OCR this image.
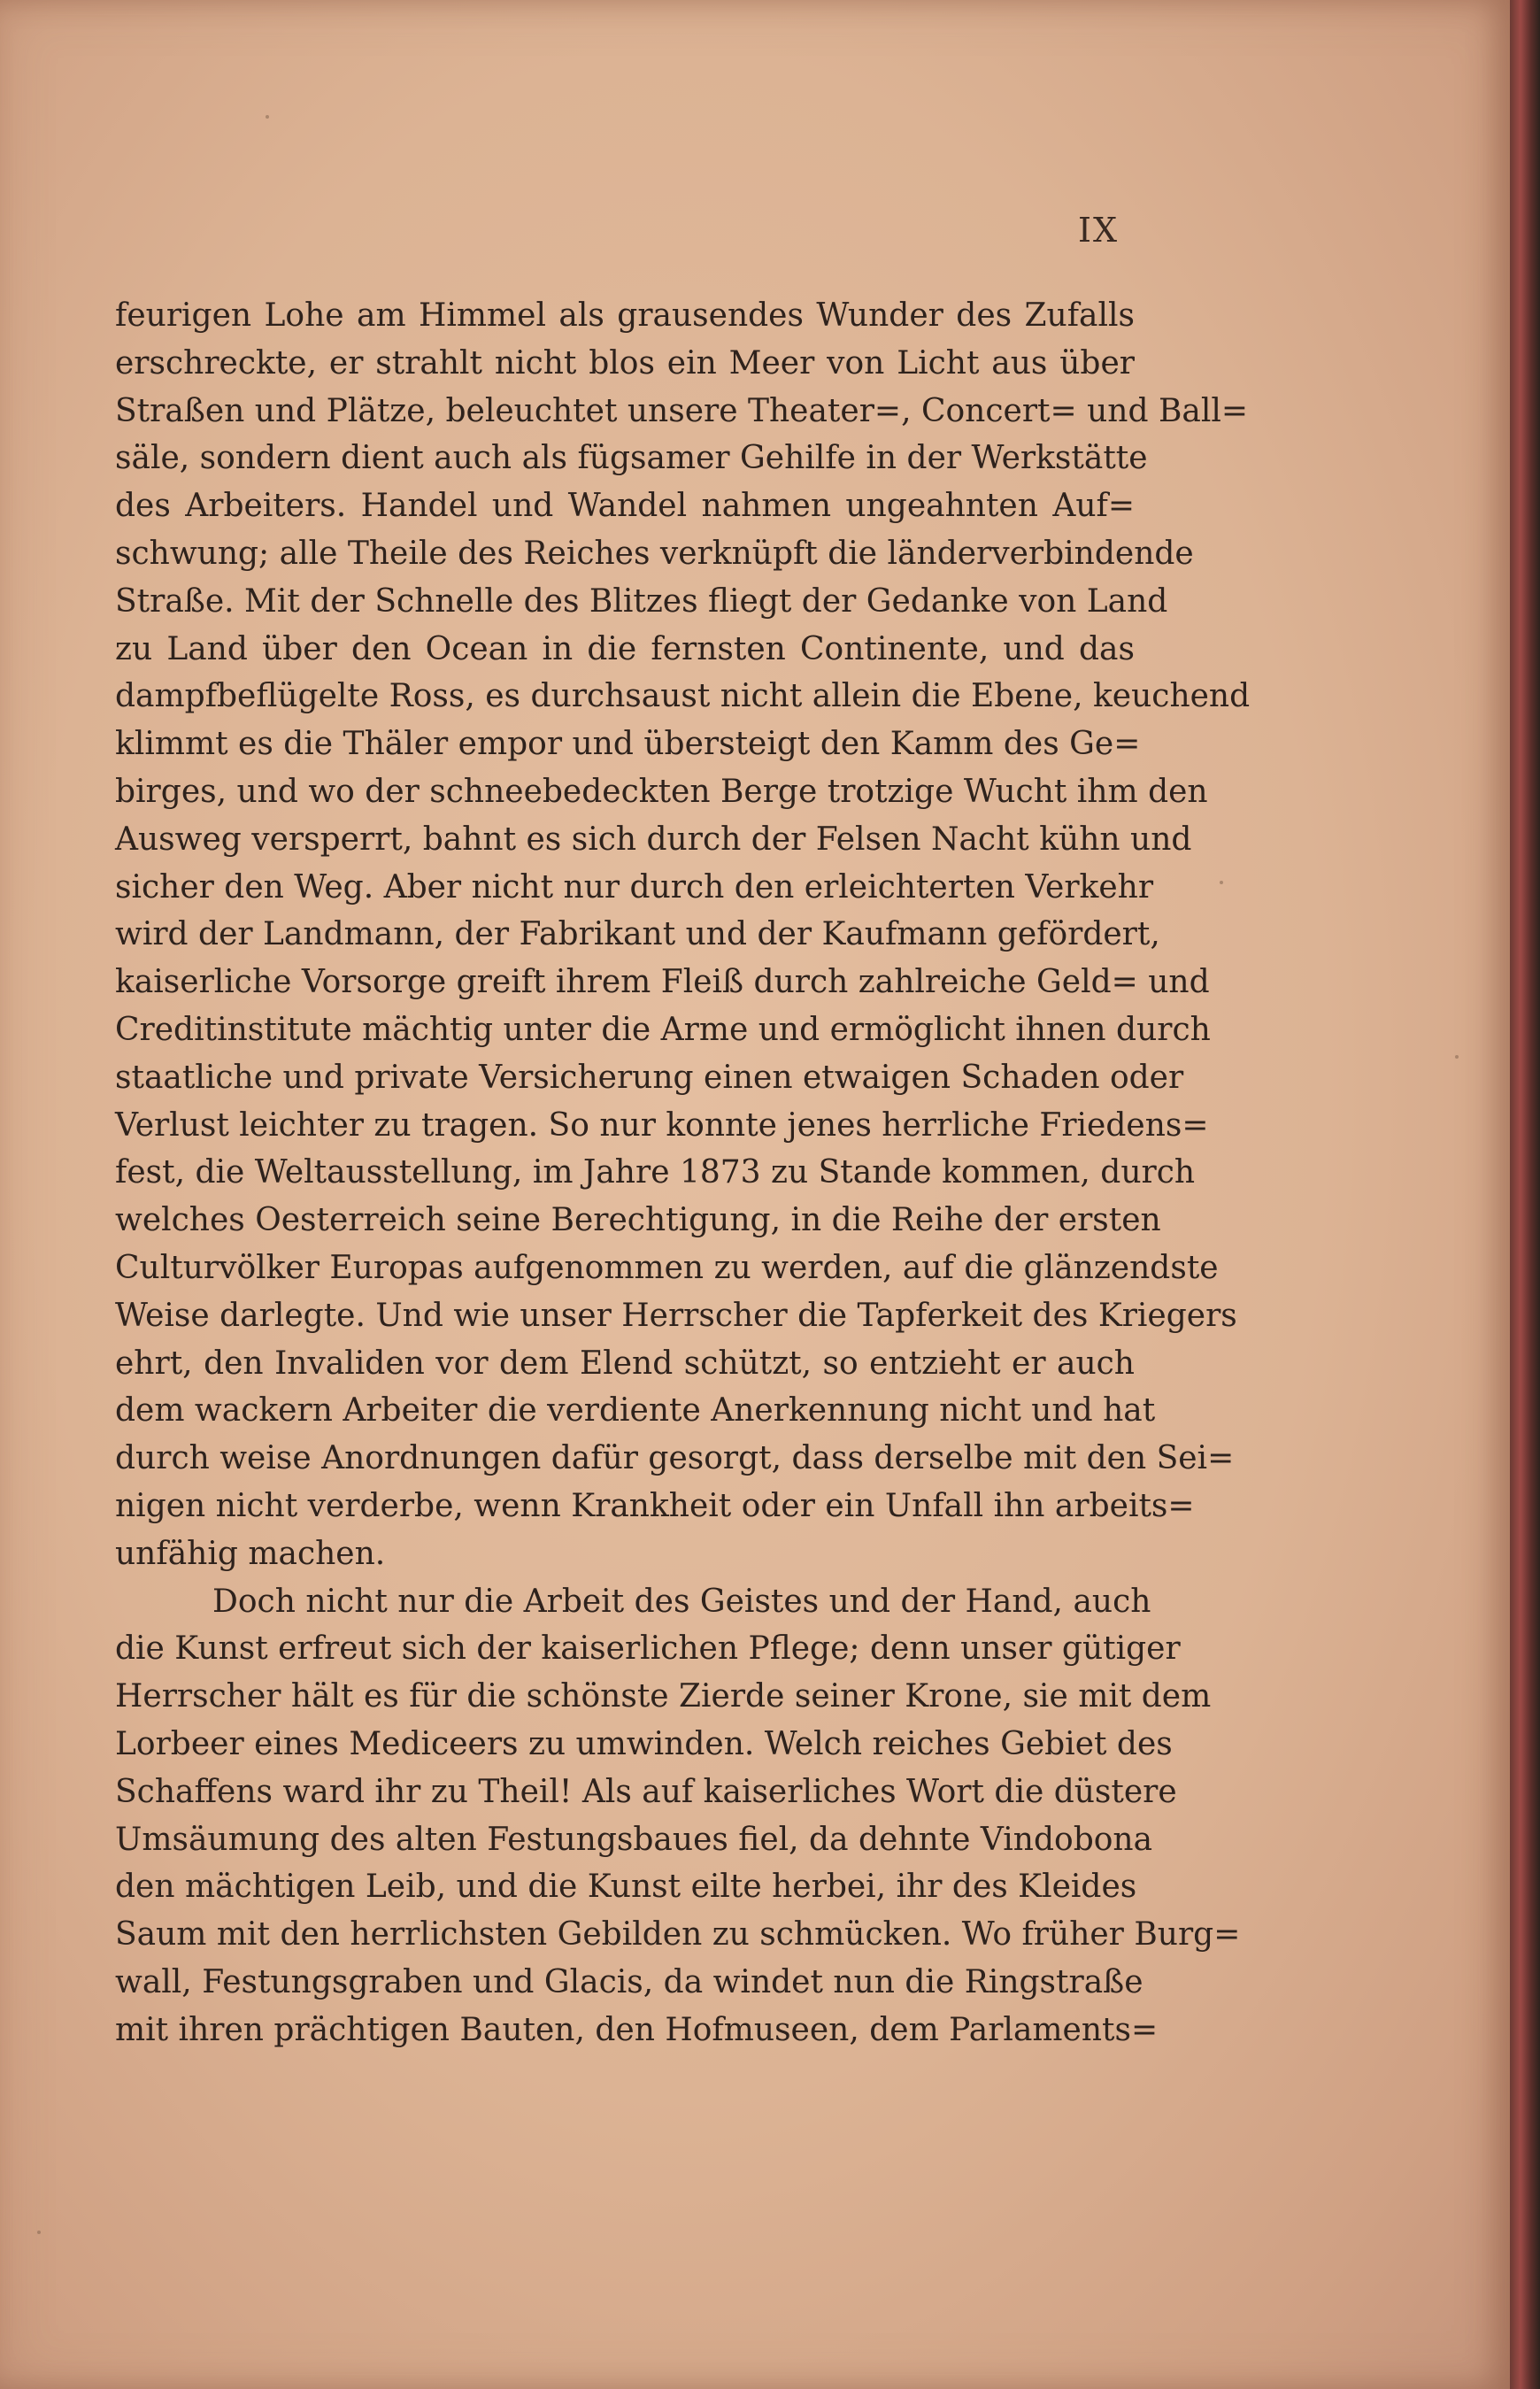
IX
feurigen Lohe am Himmel als grausendes Wunder des Zufalls
erschreckte, er strahlt nicht blos ein Meer von Licht aus über
Straßen und Plätze, beleuchtet unsere Theater=, Concert= und Ball=
säle, sondern dient auch als fügsamer Gehilfe in der Werkstätte
des Arbeiters. Handel und Wandel nahmen ungeahnten Auf=
schwung; alle Theile des Reiches verknüpft die länderverbindende
Straße. Mit der Schnelle des Blitzes fliegt der Gedanke von Land
zu Land über den Ocean in die fernsten Continente, und das
dampfbeflügelte Ross, es durchsaust nicht allein die Ebene, keuchend
klimmt es die Thäler empor und übersteigt den Kamm des Ge=
birges, und wo der schneebedeckten Berge trotzige Wucht ihm den
Ausweg versperrt, bahnt es sich durch der Felsen Nacht kühn und
sicher den Weg. Aber nicht nur durch den erleichterten Verkehr
wird der Landmann, der Fabrikant und der Kaufmann gefördert,
kaiserliche Vorsorge greift ihrem Fleiß durch zahlreiche Geld= und
Creditinstitute mächtig unter die Arme und ermöglicht ihnen durch
staatliche und private Versicherung einen etwaigen Schaden oder
Verlust leichter zu tragen. So nur konnte jenes herrliche Friedens=
fest, die Weltausstellung, im Jahre 1873 zu Stande kommen, durch
welches Oesterreich seine Berechtigung, in die Reihe der ersten
Culturvölker Europas aufgenommen zu werden, auf die glänzendste
Weise darlegte. Und wie unser Herrscher die Tapferkeit des Kriegers
ehrt, den Invaliden vor dem Elend schützt, so entzieht er auch
dem wackern Arbeiter die verdiente Anerkennung nicht und hat
durch weise Anordnungen dafür gesorgt, dass derselbe mit den Sei=
nigen nicht verderbe, wenn Krankheit oder ein Unfall ihn arbeits=
unfähig machen.
Doch nicht nur die Arbeit des Geistes und der Hand, auch
die Kunst erfreut sich der kaiserlichen Pflege; denn unser gütiger
Herrscher hält es für die schönste Zierde seiner Krone, sie mit dem
Lorbeer eines Mediceers zu umwinden. Welch reiches Gebiet des
Schaffens ward ihr zu Theil! Als auf kaiserliches Wort die düstere
Umsäumung des alten Festungsbaues fiel, da dehnte Vindobona
den mächtigen Leib, und die Kunst eilte herbei, ihr des Kleides
Saum mit den herrlichsten Gebilden zu schmücken. Wo früher Burg=
wall, Festungsgraben und Glacis, da windet nun die Ringstraße
mit ihren prächtigen Bauten, den Hofmuseen, dem Parlaments=
